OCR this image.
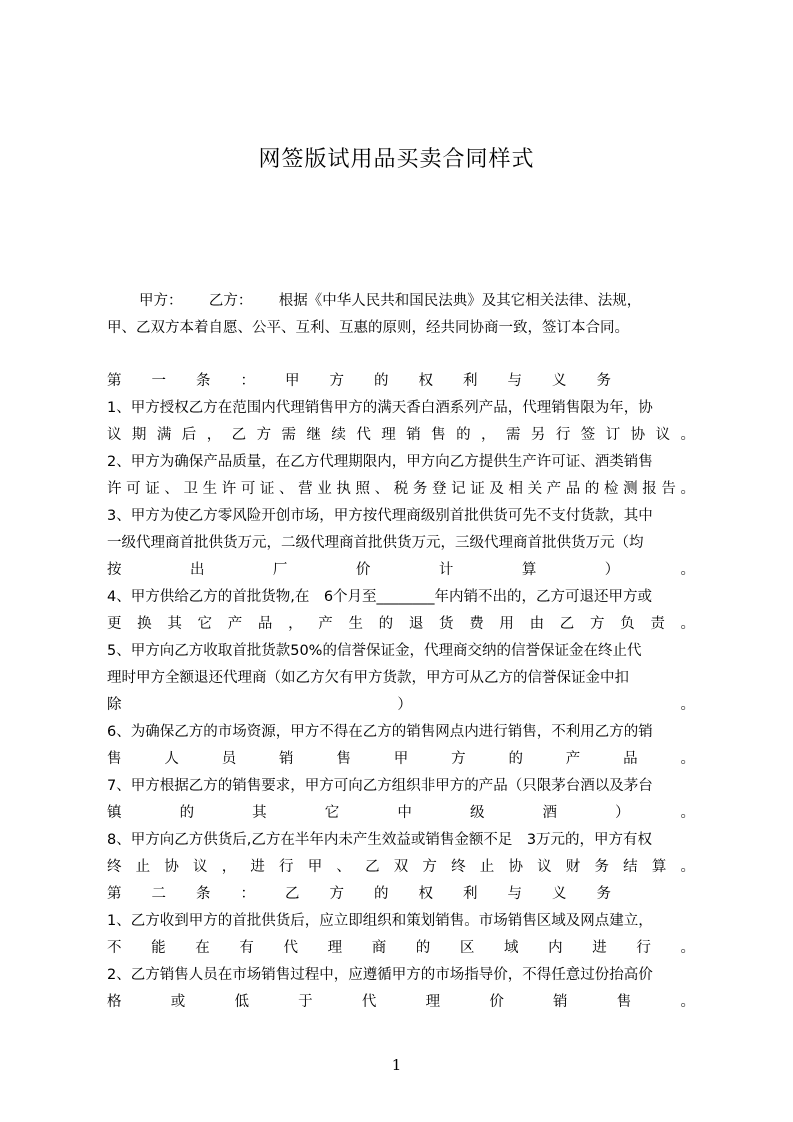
网签版试用品买卖合同样式
甲方：　　 乙方：　　 根据《中华人民共和国民法典》及其它相关法律、法规，
甲、乙双方本着自愿、公平、互利、互惠的原则，经共同协商一致，签订本合同。
第一条：甲方的权利与义务
1、甲方授权乙方在范围内代理销售甲方的满天香白酒系列产品，代理销售限为年，协
议期满后，乙方需继续代理销售的，需另行签订协议。
2、甲方为确保产品质量，在乙方代理期限内，甲方向乙方提供生产许可证、酒类销售
许可证、卫生许可证、营业执照、税务登记证及相关产品的检测报告。
3、甲方为使乙方零风险开创市场，甲方按代理商级别首批供货可先不支付货款，其中
一级代理商首批供货万元，二级代理商首批供货万元，三级代理商首批供货万元（均
按出厂价计算）。
4、甲方供给乙方的首批货物,在　6个月至________年内销不出的，乙方可退还甲方或
更换其它产品，产生的退货费用由乙方负责。
5、甲方向乙方收取首批货款50%的信誉保证金，代理商交纳的信誉保证金在终止代
理时甲方全额退还代理商（如乙方欠有甲方货款，甲方可从乙方的信誉保证金中扣
除）。
6、为确保乙方的市场资源，甲方不得在乙方的销售网点内进行销售，不利用乙方的销
售人员销售甲方的产品。
7、甲方根据乙方的销售要求，甲方可向乙方组织非甲方的产品（只限茅台酒以及茅台
镇的其它中级酒）。
8、甲方向乙方供货后,乙方在半年内未产生效益或销售金额不足　3万元的，甲方有权
终止协议，进行甲、乙双方终止协议财务结算。
第二条：乙方的权利与义务
1、乙方收到甲方的首批供货后，应立即组织和策划销售。市场销售区域及网点建立，
不能在有代理商的区域内进行。
2、乙方销售人员在市场销售过程中，应遵循甲方的市场指导价，不得任意过份抬高价
格或低于代理价销售。
1
